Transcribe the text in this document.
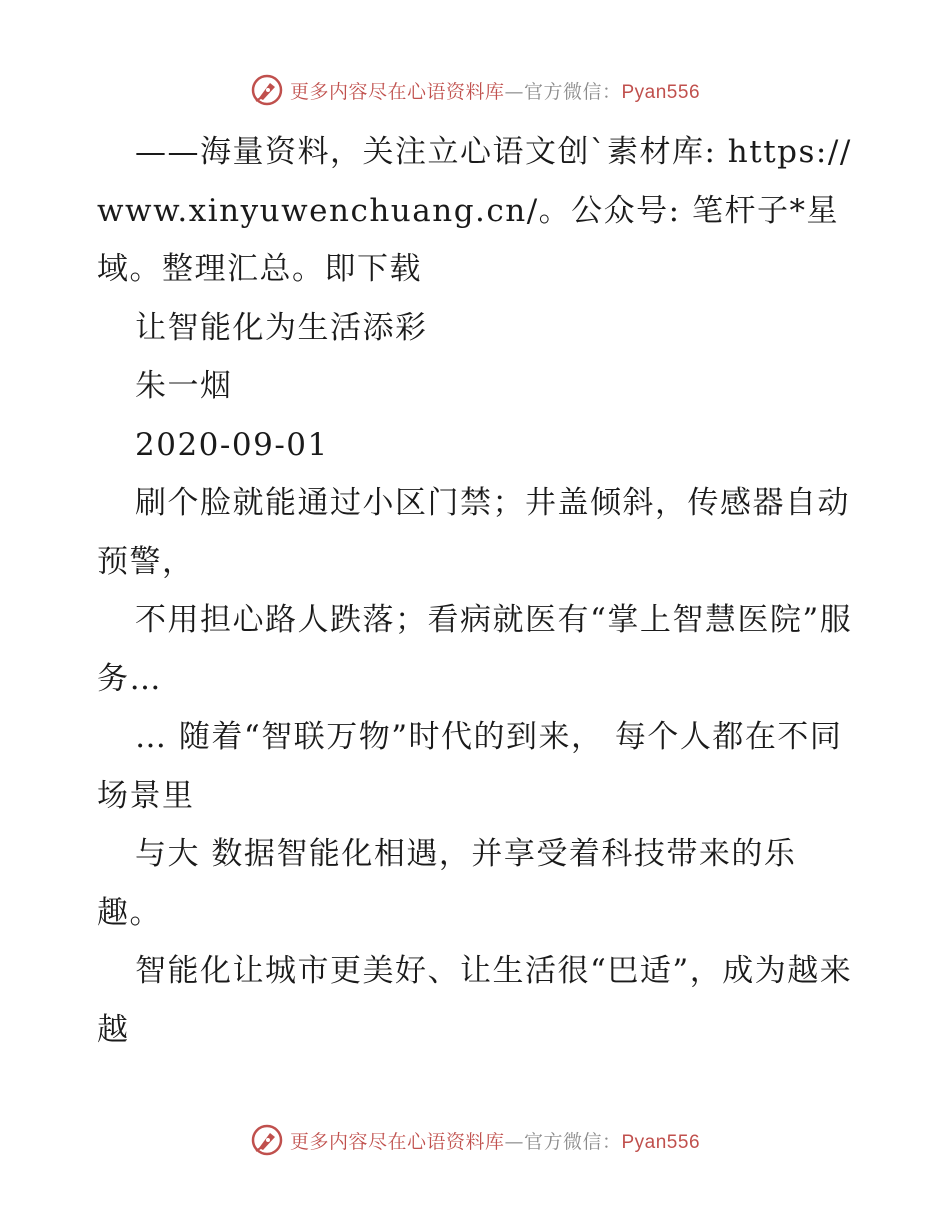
更多内容尽在心语资料库—官方微信：Pyan556

——海量资料，关注立心语文创`素材库: https://www.xinyuwenchuang.cn/。公众号: 笔杆子*星域。整理汇总。即下载

让智能化为生活添彩

朱一烟

2020-09-01

刷个脸就能通过小区门禁；井盖倾斜，传感器自动预警，

不用担心路人跌落；看病就医有“掌上智慧医院”服务…

… 随着“智联万物”时代的到来， 每个人都在不同场景里

与大 数据智能化相遇，并享受着科技带来的乐趣。

智能化让城市更美好、让生活很“巴适”，成为越来越

更多内容尽在心语资料库—官方微信：Pyan556
